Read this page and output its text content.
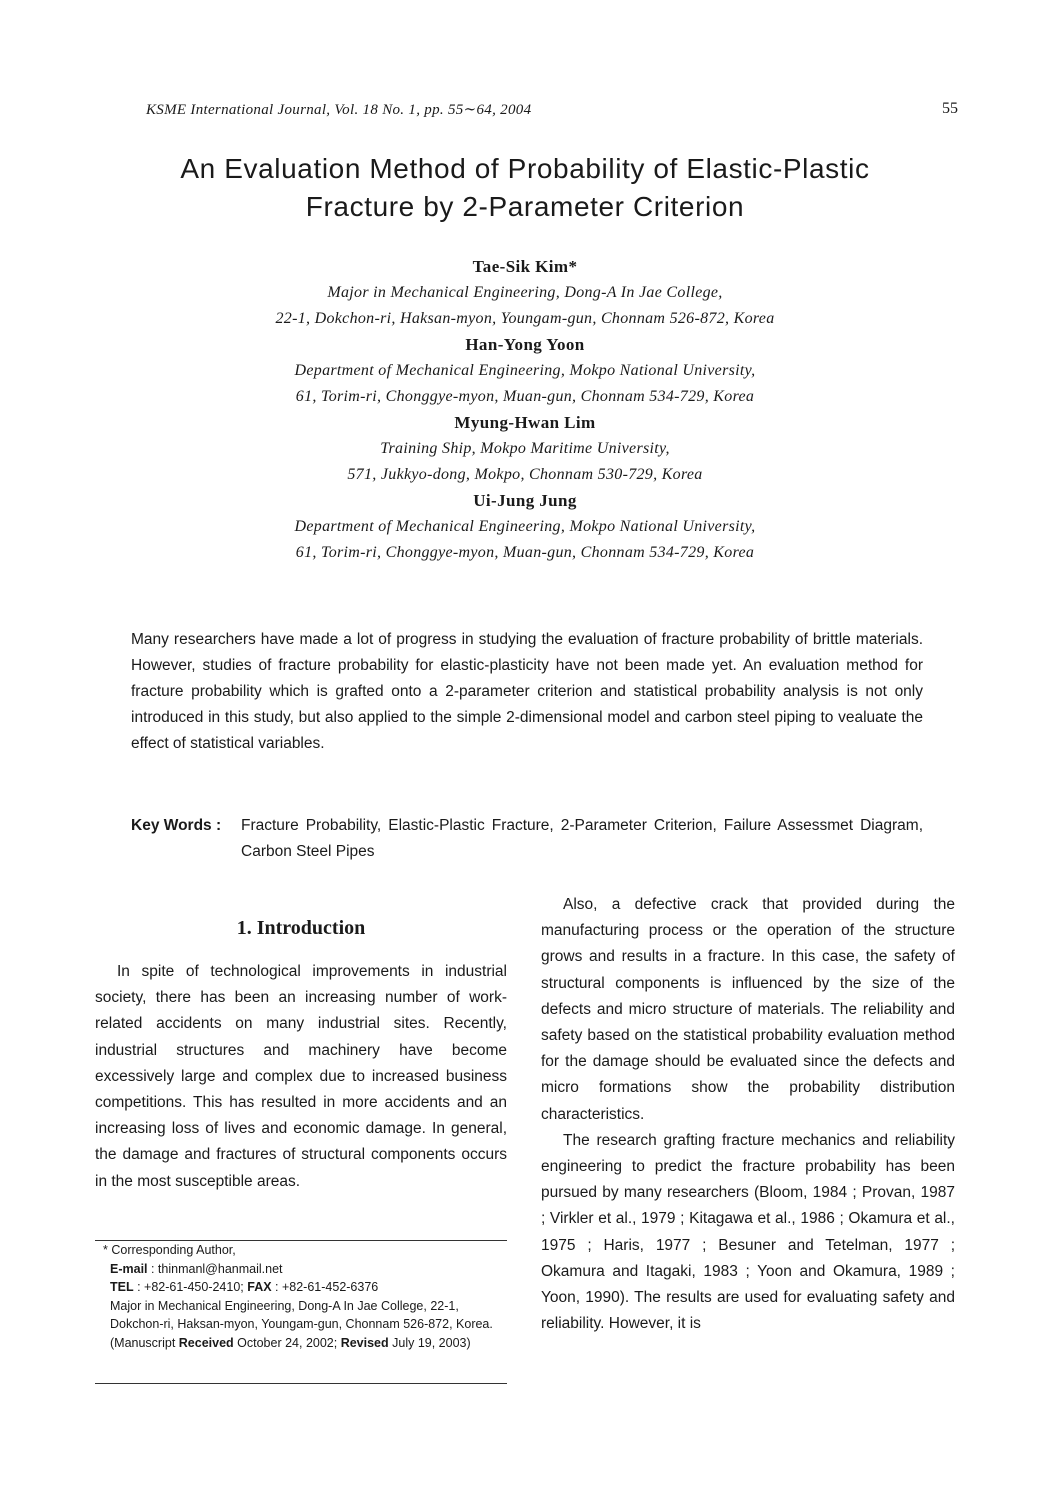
KSME International Journal, Vol. 18 No. 1, pp. 55∼64, 2004	55
An Evaluation Method of Probability of Elastic-Plastic
Fracture by 2-Parameter Criterion
Tae-Sik Kim*
Major in Mechanical Engineering, Dong-A In Jae College,
22-1, Dokchon-ri, Haksan-myon, Youngam-gun, Chonnam 526-872, Korea
Han-Yong Yoon
Department of Mechanical Engineering, Mokpo National University,
61, Torim-ri, Chonggye-myon, Muan-gun, Chonnam 534-729, Korea
Myung-Hwan Lim
Training Ship, Mokpo Maritime University,
571, Jukkyo-dong, Mokpo, Chonnam 530-729, Korea
Ui-Jung Jung
Department of Mechanical Engineering, Mokpo National University,
61, Torim-ri, Chonggye-myon, Muan-gun, Chonnam 534-729, Korea

Many researchers have made a lot of progress in studying the evaluation of fracture probability of brittle materials. However, studies of fracture probability for elastic-plasticity have not been made yet. An evaluation method for fracture probability which is grafted onto a 2-parameter criterion and statistical probability analysis is not only introduced in this study, but also applied to the simple 2-dimensional model and carbon steel piping to vealuate the effect of statistical variables.

Key Words : Fracture Probability, Elastic-Plastic Fracture, 2-Parameter Criterion, Failure Assessmet Diagram, Carbon Steel Pipes
1. Introduction

In spite of technological improvements in industrial society, there has been an increasing number of work-related accidents on many industrial sites. Recently, industrial structures and machinery have become excessively large and complex due to increased business competitions. This has resulted in more accidents and an increasing loss of lives and economic damage. In general, the damage and fractures of structural components occurs in the most susceptible areas.

Also, a defective crack that provided during the manufacturing process or the operation of the structure grows and results in a fracture. In this case, the safety of structural components is influenced by the size of the defects and micro structure of materials. The reliability and safety based on the statistical probability evaluation method for the damage should be evaluated since the defects and micro formations show the probability distribution characteristics.

The research grafting fracture mechanics and reliability engineering to predict the fracture probability has been pursued by many researchers (Bloom, 1984 ; Provan, 1987 ; Virkler et al., 1979 ; Kitagawa et al., 1986 ; Okamura et al., 1975 ; Haris, 1977 ; Besuner and Tetelman, 1977 ; Okamura and Itagaki, 1983 ; Yoon and Okamura, 1989 ; Yoon, 1990). The results are used for evaluating safety and reliability. However, it is

* Corresponding Author,

E-mail : thinmanl@hanmail.net

TEL : +82-61-450-2410; FAX : +82-61-452-6376

Major in Mechanical Engineering, Dong-A In Jae College, 22-1, Dokchon-ri, Haksan-myon, Youngam-gun, Chonnam 526-872, Korea. (Manuscript Received October 24, 2002; Revised July 19, 2003)
